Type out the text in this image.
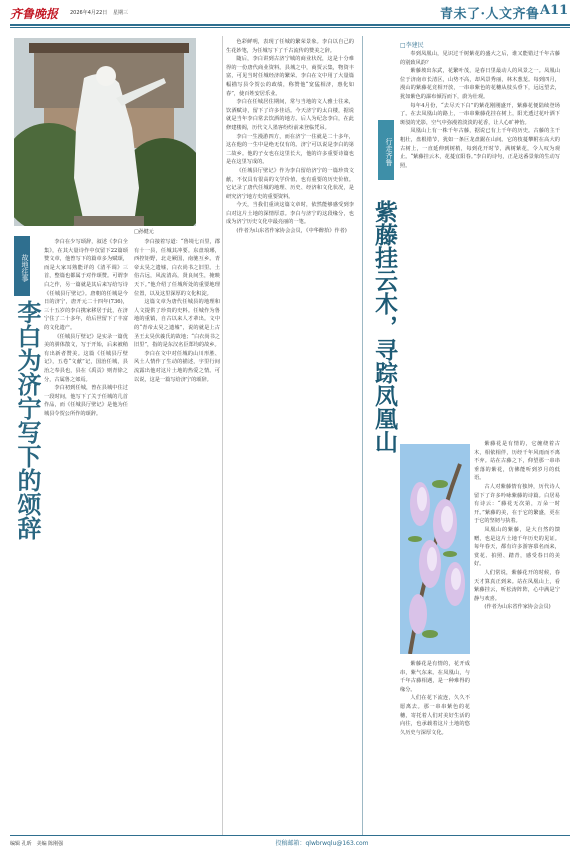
齐鲁晚报 2026年4月22日 星期三	青未了·人文齐鲁 A11
□孙健元
故地往事
李白为济宁写下的颂辞

李白在少写颂辞，叙述《李白全集》，在其大量诗作中仅留下22篇颂赞文章，他曾写下的篇章多为赋颂，而是大家耳熟能详的《清平调》三首，整篇也都属于对作颂赞。可谓李白之作，另一篇就是其后来写给写诗《任城县厅壁记》。唐朝的任城是今日的济宁，唐开元二十四年(736)，三十五岁的李白携家移居于此，在济宁住了二十多年，给后世留下了丰富的文化遗产。

《任城县厅壁记》是实录一篇优美的骈体散文，写于开始，后来被稍有出新者赞美。这篇《任城县厅壁记》，五卷“文献”记，国治任城，县治之奉县也，县在《禹贡》则青徐之分，古属鲁之郊焉。

李白初到任城，曾在县城中住过一段时间，他写下了关于任城的几首作品，而《任城县厅壁记》是他为任城县令贺公所作的颂辞。

李白接着写道：“鲁境七百里，郡有十一县，任城其冲要。东盘琅琊，西控钜野，北走厥国，南驰互乡。青帝太昊之遗墟，白衣尚书之旧里。土俗古远，风流清高，贤良间生，掩映天下。”他介绍了任城所处的重要地理位置，以及这里深厚的文化积淀。

这篇文章为唐代任城县的地理和人文提供了珍贵的史料。任城作为鲁地的重镇，自古以来人才辈出。文中的“青帝太昊之遗墟”，说的就是上古圣王太昊伏羲氏的故地；“白衣尚书之旧里”，指的是东汉名臣郑均的故乡。

李白在文中对任城的山川形胜、风土人情作了生动的描述，字里行间流露出他对这片土地的热爱之情。可以说，这是一篇写给济宁的颂辞。

色彩鲜明，表现了任城的繁荣景象。李白以自己的生花妙笔，为任城写下了千古流传的赞美之辞。

随后，李白讲到古济宁城的商业状况，这是十分难得的一份唐代商业资料。县城之中，商贾云集，物资丰富，可见当时任城经济的繁荣。李白在文中用了大量篇幅描写县令贺公的政绩，称赞他“宽猛相济，惠化如春”，使百姓安居乐业。

李白在任城居住期间，常与当地的文人雅士往来，饮酒赋诗，留下了许多佳话。今天济宁的太白楼，据说就是当年李白常去饮酒的地方。后人为纪念李白，在此修建楼阁，历代文人墨客纷纷前来登临凭吊。

李白一生漫游四方，而在济宁一住就是二十多年，这在他的一生中是绝无仅有的。济宁可以说是李白的第二故乡。他的子女也在这里长大，他的许多重要诗篇也是在这里写成的。

《任城县厅壁记》作为李白留给济宁的一篇珍贵文献，不仅具有很高的文学价值，也有重要的历史价值。它记录了唐代任城的地理、历史、经济和文化状况，是研究济宁地方史的重要资料。

今天，当我们重读这篇文章时，依然能够感受到李白对这片土地的深情厚意。李白与济宁的这段缘分，也成为济宁历史文化中最亮丽的一笔。

(作者为山东省作家协会会员，《中华醉拾》作者)

□李建民
行走齐鲁
紫藤挂云木，寻踪凤凰山

奉到凤凰山，见识过千树紫花的盛大之后，谁又能错过千年古藤的别致风韵？

紫藤坡出东武，花繁叶茂，是春日里最动人的风景之一。凤凰山位于济南市长清区，山势不高，却风景秀丽，林木葱茏。每到四月，漫山的紫藤花竞相开放，一串串紫色的花穗从枝头垂下，远远望去，犹如紫色的瀑布倾泻而下，蔚为壮观。

每年4月份，“去尽天下白”的紫花刚刚盛开，紫藤花便陆续登场了。在去凤凰山的路上，一串串紫藤花挂在树上，阳光透过花叶洒下斑驳的光影，空气中弥漫着淡淡的花香，让人心旷神怡。

凤凰山上有一株千年古藤，据说已有上千年的历史。古藤的主干粗壮，盘根错节，犹如一条巨龙盘踞在山间。它的枝蔓攀附在高大的古树上，一直延伸到树梢，每到花开时节，满树紫花，令人叹为观止。“紫藤挂云木，花蔓宜阳春。”李白的诗句，正是这番景象的生动写照。

紫藤花是有情的，它缠绕着古木，相依相伴，历经千年风雨而不离不弃。站在古藤之下，仰望那一串串垂落的紫花，仿佛能听到岁月的低语。

古人对紫藤情有独钟，历代诗人留下了许多吟咏紫藤的诗篇。白居易有诗云：“藤花无次第，万朵一时开。”紫藤的美，在于它的繁盛，更在于它的坚韧与执着。

凤凰山的紫藤，是大自然的馈赠，也是这片土地千年历史的见证。每年春天，都有许多游客慕名而来，赏花、拍照、踏青，感受春日的美好。

人们常说，紫藤花开的时候，春天才算真正到来。站在凤凰山上，看紫藤挂云，听松涛阵阵，心中满是宁静与欢喜。

(作者为山东省作家协会会员)

紫藤花是有情的，花开成串，紫气东来。在凤凰山，与千年古藤相遇，是一种难得的缘分。

人们在花下流连，久久不愿离去。那一串串紫色的花穗，寄托着人们对美好生活的向往，也承载着这片土地的悠久历史与深厚文化。

投稿邮箱：qlwbrwqlu@163.com
编辑 孔昕　美编 陈刚强
